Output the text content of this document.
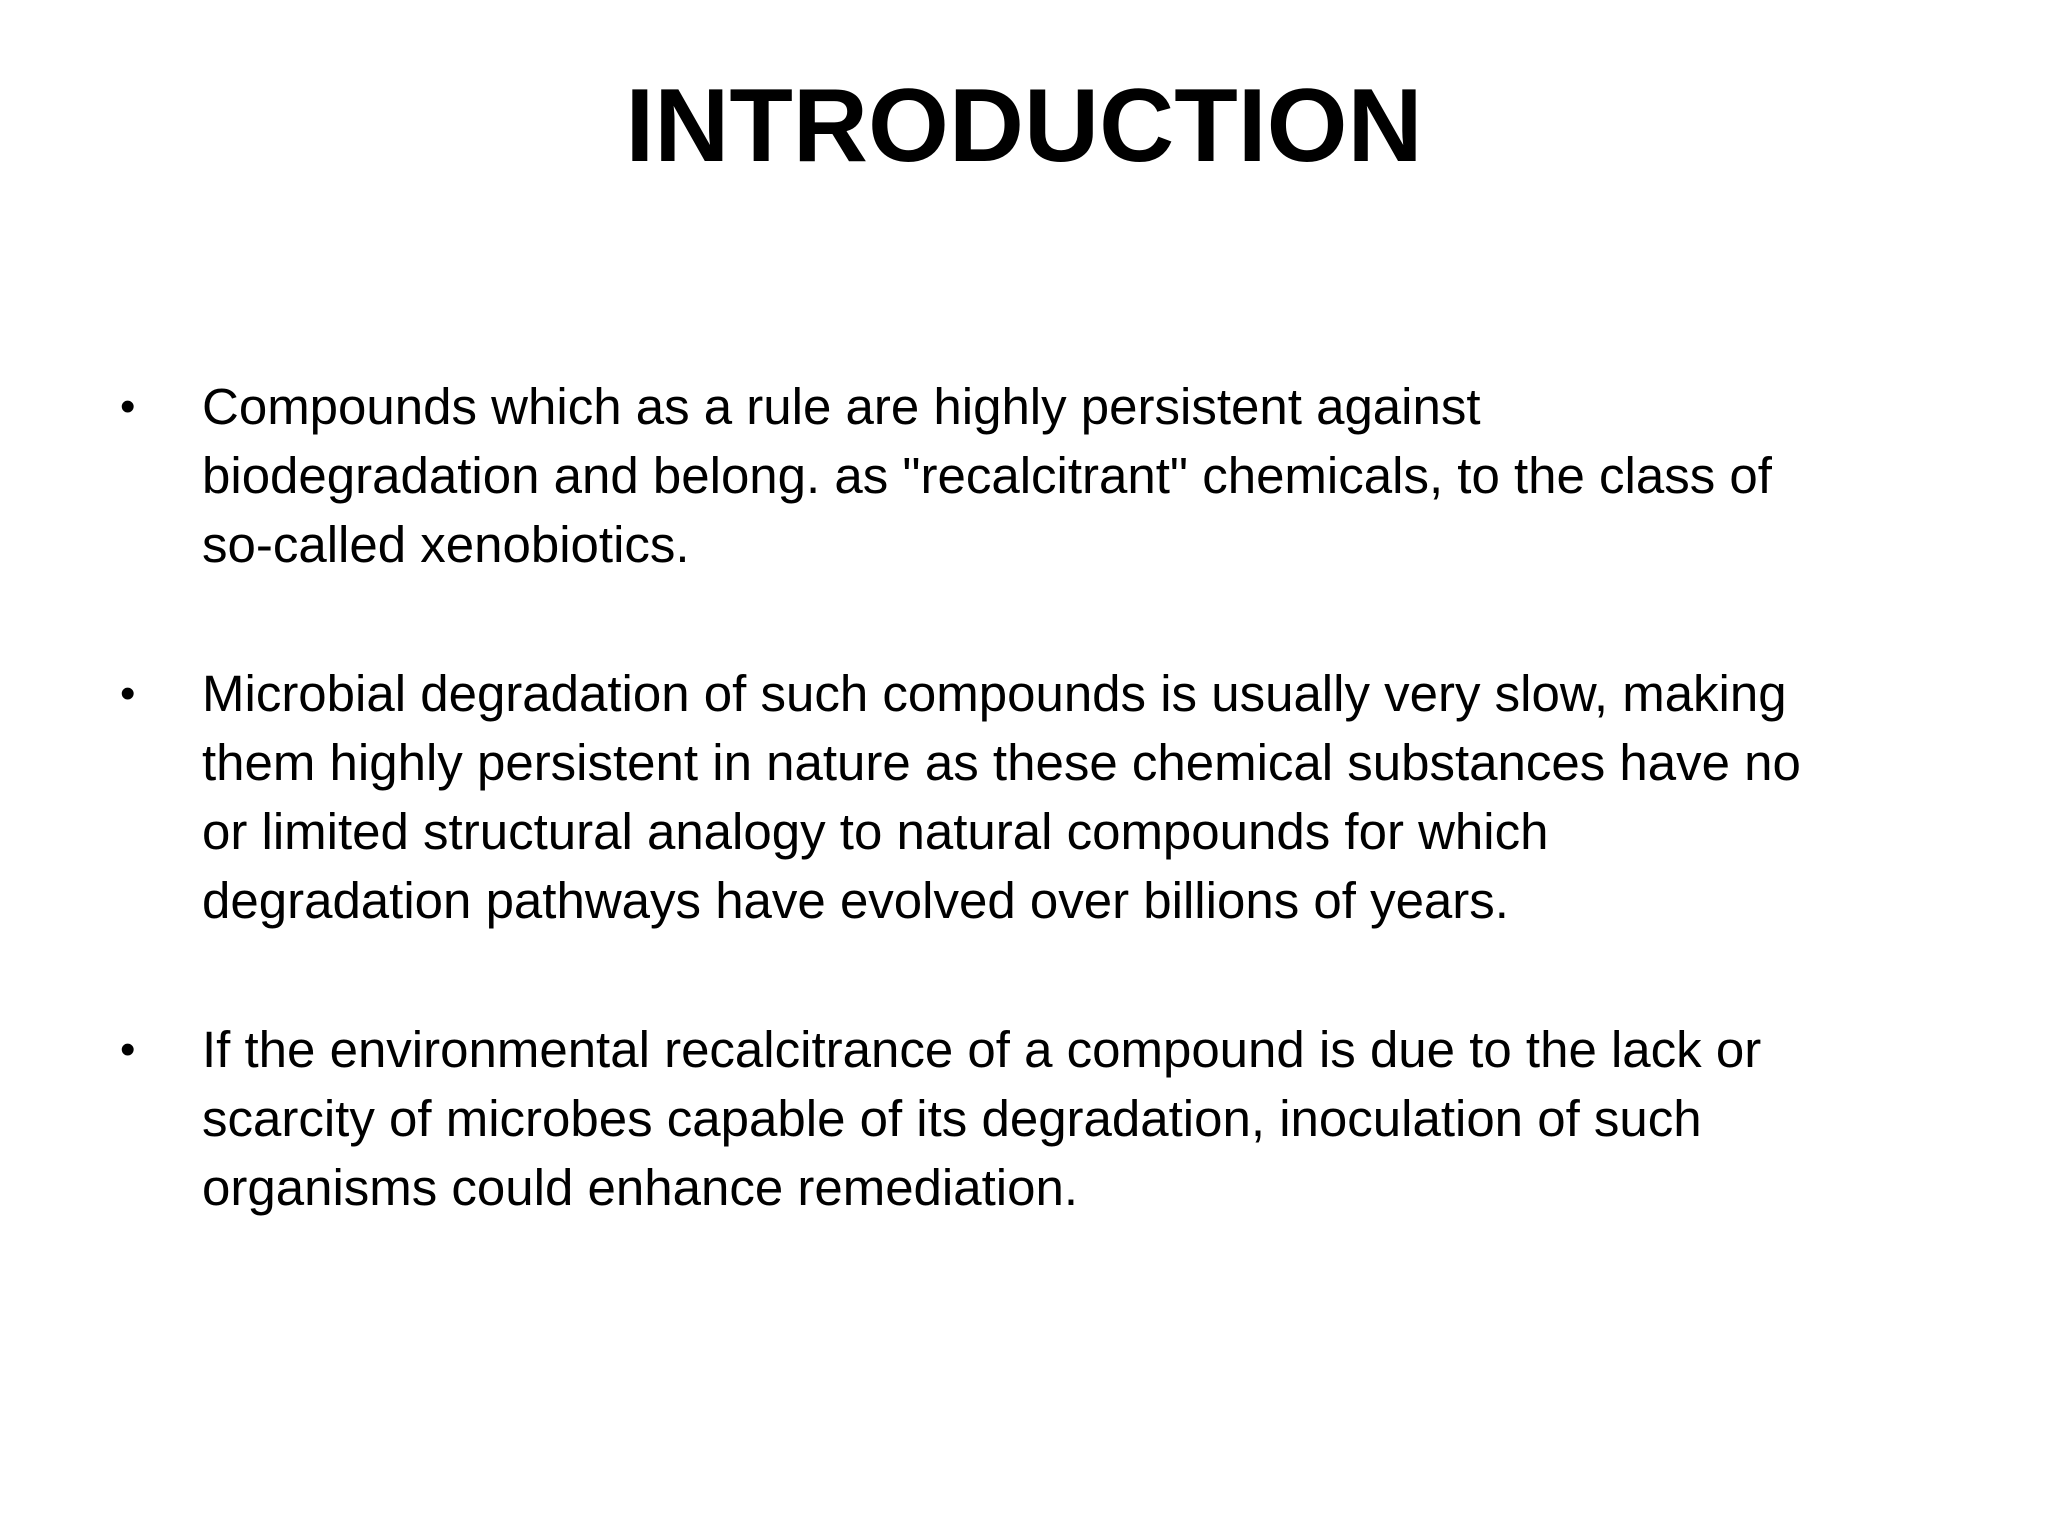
INTRODUCTION
•	Compounds which as a rule are highly persistent against
biodegradation and belong. as "recalcitrant" chemicals, to the class of
so-called xenobiotics.
•	Microbial degradation of such compounds is usually very slow, making
them highly persistent in nature as these chemical substances have no
or limited structural analogy to natural compounds for which
degradation pathways have evolved over billions of years.
•	If the environmental recalcitrance of a compound is due to the lack or
scarcity of microbes capable of its degradation, inoculation of such
organisms could enhance remediation.
